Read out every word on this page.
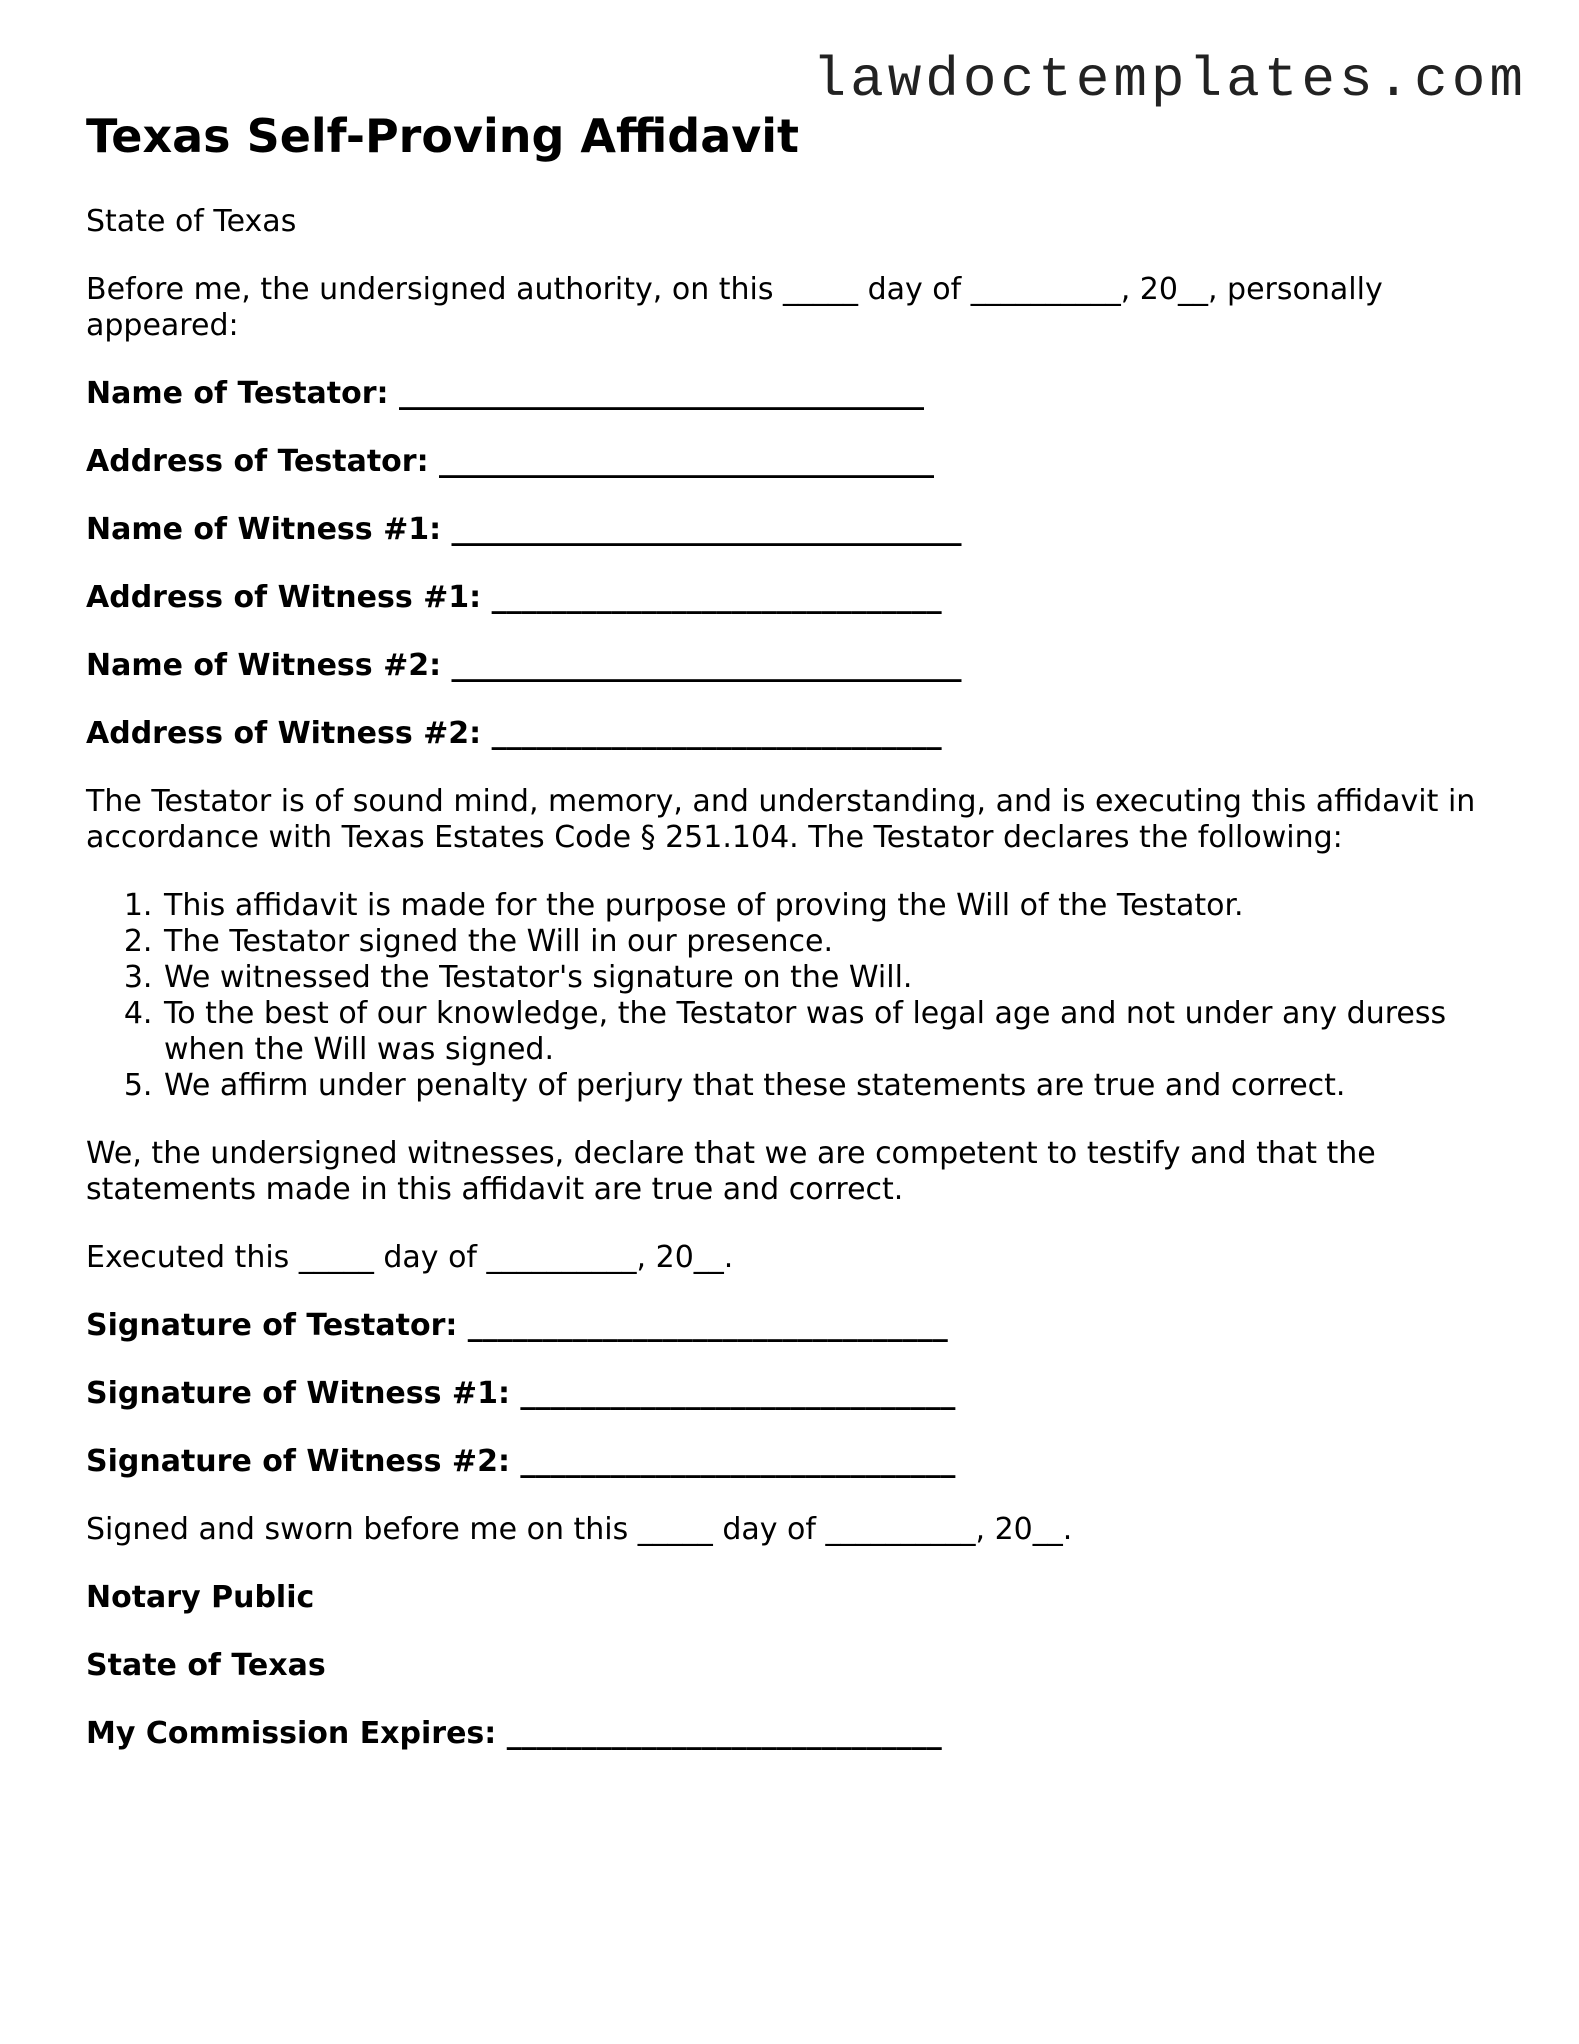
lawdoctemplates.com
Texas Self-Proving Affidavit
State of Texas
Before me, the undersigned authority, on this _____ day of __________, 20__, personally appeared:
Name of Testator: ___________________________________
Address of Testator: _________________________________
Name of Witness #1: __________________________________
Address of Witness #1: ______________________________
Name of Witness #2: __________________________________
Address of Witness #2: ______________________________
The Testator is of sound mind, memory, and understanding, and is executing this affidavit in accordance with Texas Estates Code § 251.104. The Testator declares the following:
1. This affidavit is made for the purpose of proving the Will of the Testator.
2. The Testator signed the Will in our presence.
3. We witnessed the Testator's signature on the Will.
4. To the best of our knowledge, the Testator was of legal age and not under any duress when the Will was signed.
5. We affirm under penalty of perjury that these statements are true and correct.
We, the undersigned witnesses, declare that we are competent to testify and that the statements made in this affidavit are true and correct.
Executed this _____ day of __________, 20__.
Signature of Testator: ________________________________
Signature of Witness #1: _____________________________
Signature of Witness #2: _____________________________
Signed and sworn before me on this _____ day of __________, 20__.
Notary Public
State of Texas
My Commission Expires: _____________________________
